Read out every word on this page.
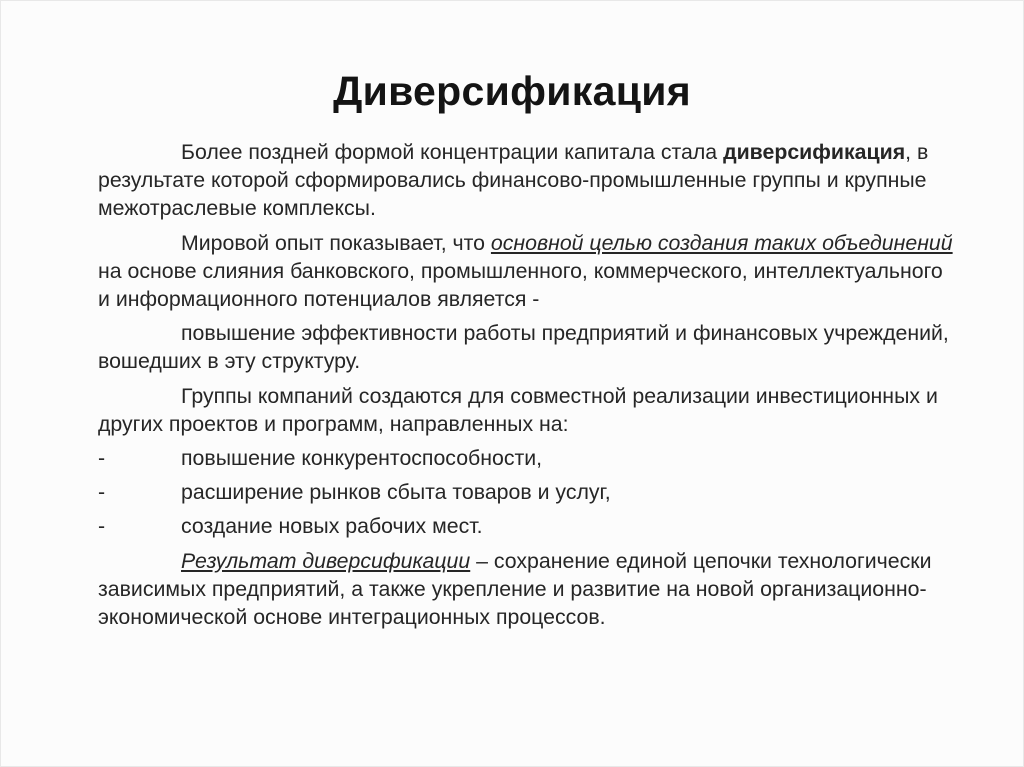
Диверсификация

Более поздней формой концентрации капитала стала диверсификация, в результате которой сформировались финансово-промышленные группы и крупные межотраслевые комплексы.

Мировой опыт показывает, что основной целью создания таких объединений на основе слияния банковского, промышленного, коммерческого, интеллектуального и информационного потенциалов является -

повышение эффективности работы предприятий и финансовых учреждений, вошедших в эту структуру.

Группы компаний создаются для совместной реализации инвестиционных и других проектов и программ, направленных на:

-	повышение конкурентоспособности,
-	расширение рынков сбыта товаров и услуг,
-	создание новых рабочих мест.

Результат диверсификации – сохранение единой цепочки технологически зависимых предприятий, а также укрепление и развитие на новой организационно-экономической основе интеграционных процессов.
